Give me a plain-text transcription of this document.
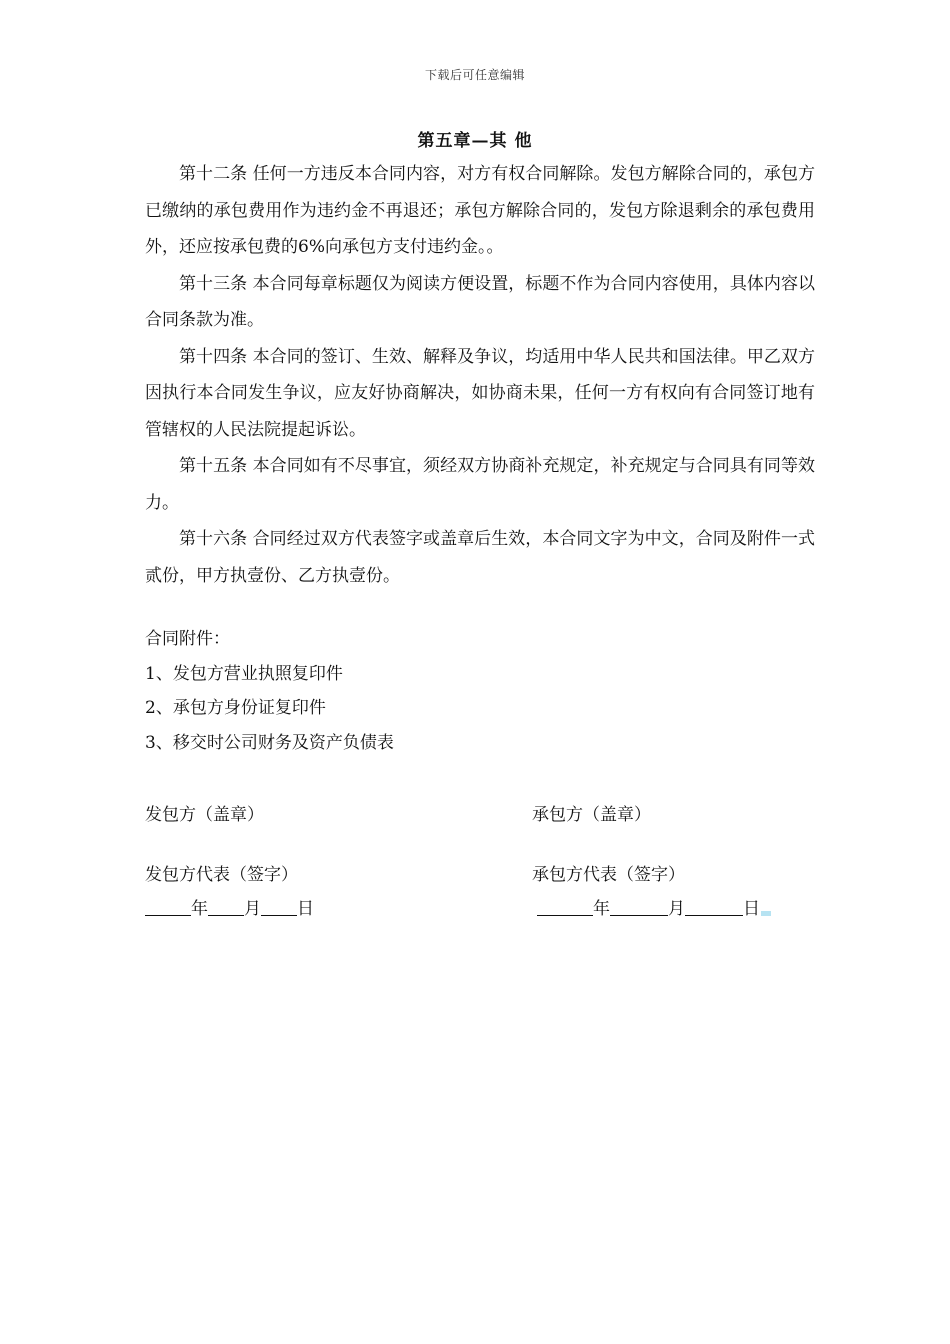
下载后可任意编辑
第五章—其 他

第十二条 任何一方违反本合同内容，对方有权合同解除。发包方解除合同的，承包方已缴纳的承包费用作为违约金不再退还；承包方解除合同的，发包方除退剩余的承包费用外，还应按承包费的6%向承包方支付违约金。。

第十三条 本合同每章标题仅为阅读方便设置，标题不作为合同内容使用，具体内容以合同条款为准。

第十四条 本合同的签订、生效、解释及争议，均适用中华人民共和国法律。甲乙双方因执行本合同发生争议，应友好协商解决，如协商未果，任何一方有权向有合同签订地有管辖权的人民法院提起诉讼。

第十五条 本合同如有不尽事宜，须经双方协商补充规定，补充规定与合同具有同等效力。

第十六条 合同经过双方代表签字或盖章后生效，本合同文字为中文，合同及附件一式贰份，甲方执壹份、乙方执壹份。

合同附件：
1、发包方营业执照复印件
2、承包方身份证复印件
3、移交时公司财务及资产负债表
发包方（盖章）	承包方（盖章）
发包方代表（签字）	承包方代表（签字）
年 月 日	年	月	日
